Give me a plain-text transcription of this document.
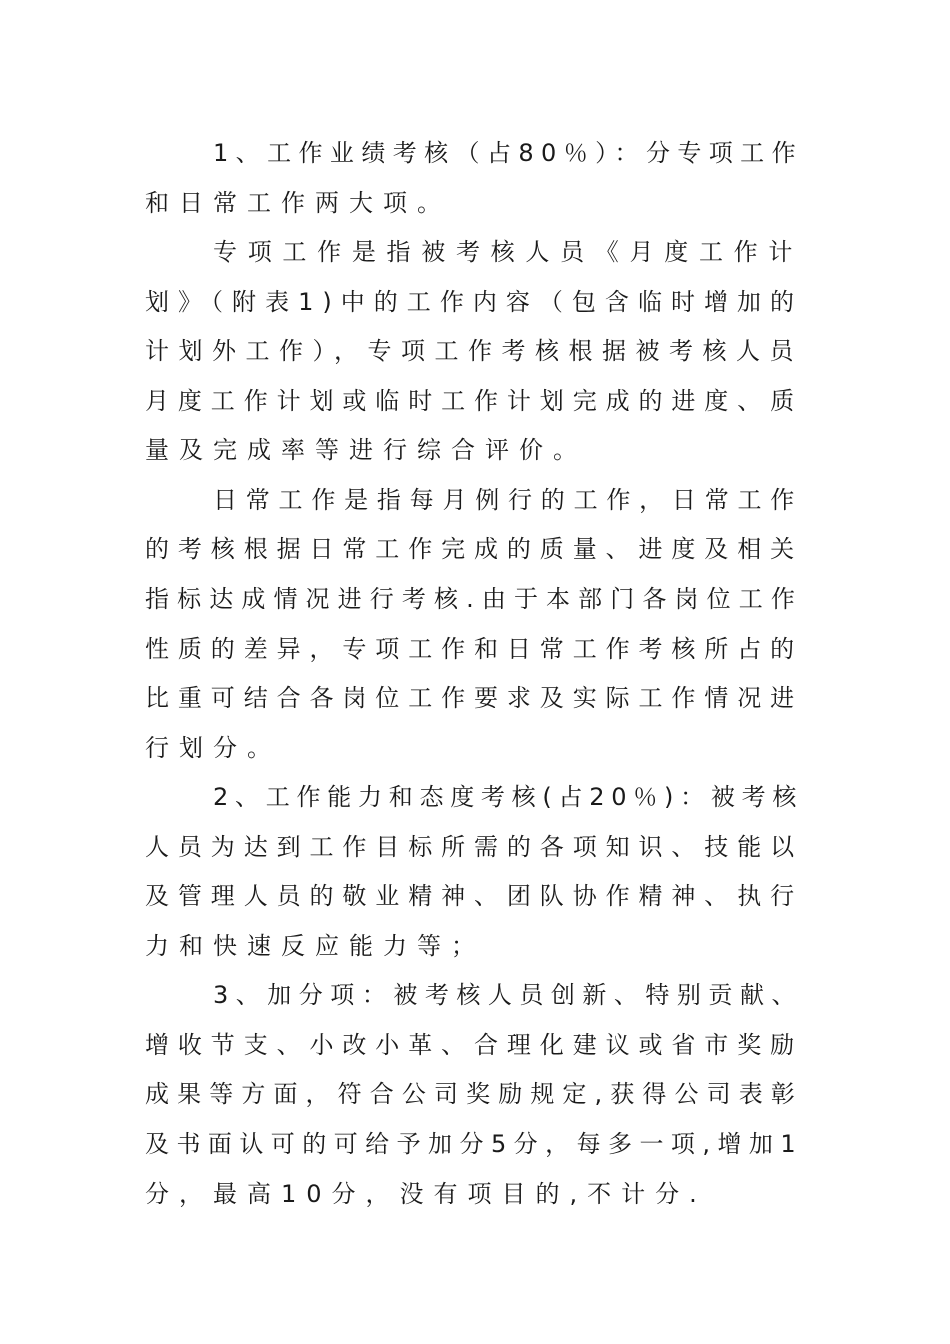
1、工作业绩考核（占80％）：分专项工作
和日常工作两大项。
专项工作是指被考核人员《月度工作计
划》（附表1)中的工作内容（包含临时增加的
计划外工作），专项工作考核根据被考核人员
月度工作计划或临时工作计划完成的进度、质
量及完成率等进行综合评价。
日常工作是指每月例行的工作，日常工作
的考核根据日常工作完成的质量、进度及相关
指标达成情况进行考核.由于本部门各岗位工作
性质的差异，专项工作和日常工作考核所占的
比重可结合各岗位工作要求及实际工作情况进
行划分。
2、工作能力和态度考核(占20％)：被考核
人员为达到工作目标所需的各项知识、技能以
及管理人员的敬业精神、团队协作精神、执行
力和快速反应能力等；
3、加分项：被考核人员创新、特别贡献、
增收节支、小改小革、合理化建议或省市奖励
成果等方面，符合公司奖励规定,获得公司表彰
及书面认可的可给予加分5分，每多一项,增加1
分，最高10分，没有项目的,不计分.
